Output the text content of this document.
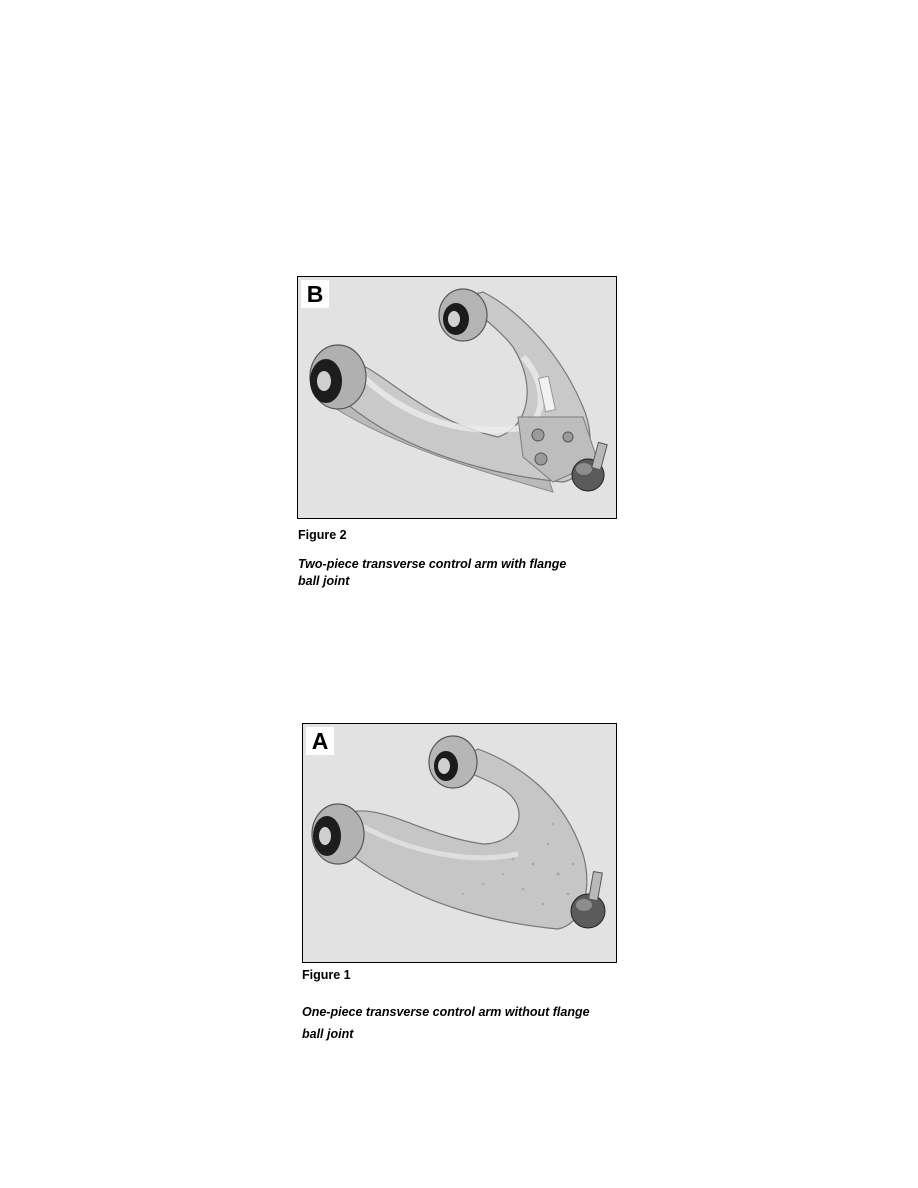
B
Figure 2
Two-piece transverse control arm with flange
ball joint
A
Figure 1
One-piece transverse control arm without flange
ball joint
